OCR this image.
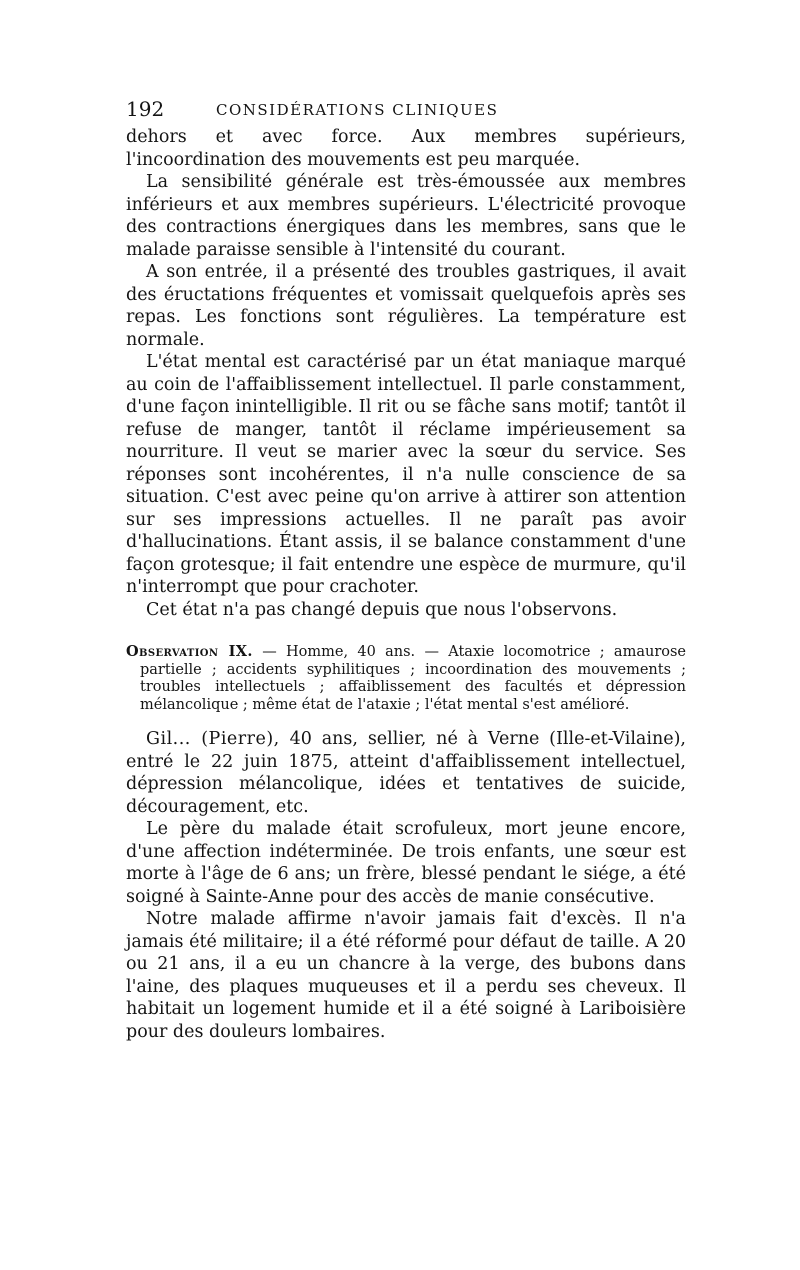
192	CONSIDÉRATIONS CLINIQUES

dehors et avec force. Aux membres supérieurs, l'incoordination des mouvements est peu marquée.

La sensibilité générale est très-émoussée aux membres inférieurs et aux membres supérieurs. L'électricité provoque des contractions énergiques dans les membres, sans que le malade paraisse sensible à l'intensité du courant.

A son entrée, il a présenté des troubles gastriques, il avait des éructations fréquentes et vomissait quelquefois après ses repas. Les fonctions sont régulières. La température est normale.

L'état mental est caractérisé par un état maniaque marqué au coin de l'affaiblissement intellectuel. Il parle constamment, d'une façon inintelligible. Il rit ou se fâche sans motif; tantôt il refuse de manger, tantôt il réclame impérieusement sa nourriture. Il veut se marier avec la sœur du service. Ses réponses sont incohérentes, il n'a nulle conscience de sa situation. C'est avec peine qu'on arrive à attirer son attention sur ses impressions actuelles. Il ne paraît pas avoir d'hallucinations. Étant assis, il se balance constamment d'une façon grotesque; il fait entendre une espèce de murmure, qu'il n'interrompt que pour crachoter.

Cet état n'a pas changé depuis que nous l'observons.

Observation IX. — Homme, 40 ans. — Ataxie locomotrice ; amaurose partielle ; accidents syphilitiques ; incoordination des mouvements ; troubles intellectuels ; affaiblissement des facultés et dépression mélancolique ; même état de l'ataxie ; l'état mental s'est amélioré.

Gil... (Pierre), 40 ans, sellier, né à Verne (Ille-et-Vilaine), entré le 22 juin 1875, atteint d'affaiblissement intellectuel, dépression mélancolique, idées et tentatives de suicide, découragement, etc.

Le père du malade était scrofuleux, mort jeune encore, d'une affection indéterminée. De trois enfants, une sœur est morte à l'âge de 6 ans; un frère, blessé pendant le siége, a été soigné à Sainte-Anne pour des accès de manie consécutive.

Notre malade affirme n'avoir jamais fait d'excès. Il n'a jamais été militaire; il a été réformé pour défaut de taille. A 20 ou 21 ans, il a eu un chancre à la verge, des bubons dans l'aine, des plaques muqueuses et il a perdu ses cheveux. Il habitait un logement humide et il a été soigné à Lariboisière pour des douleurs lombaires.
